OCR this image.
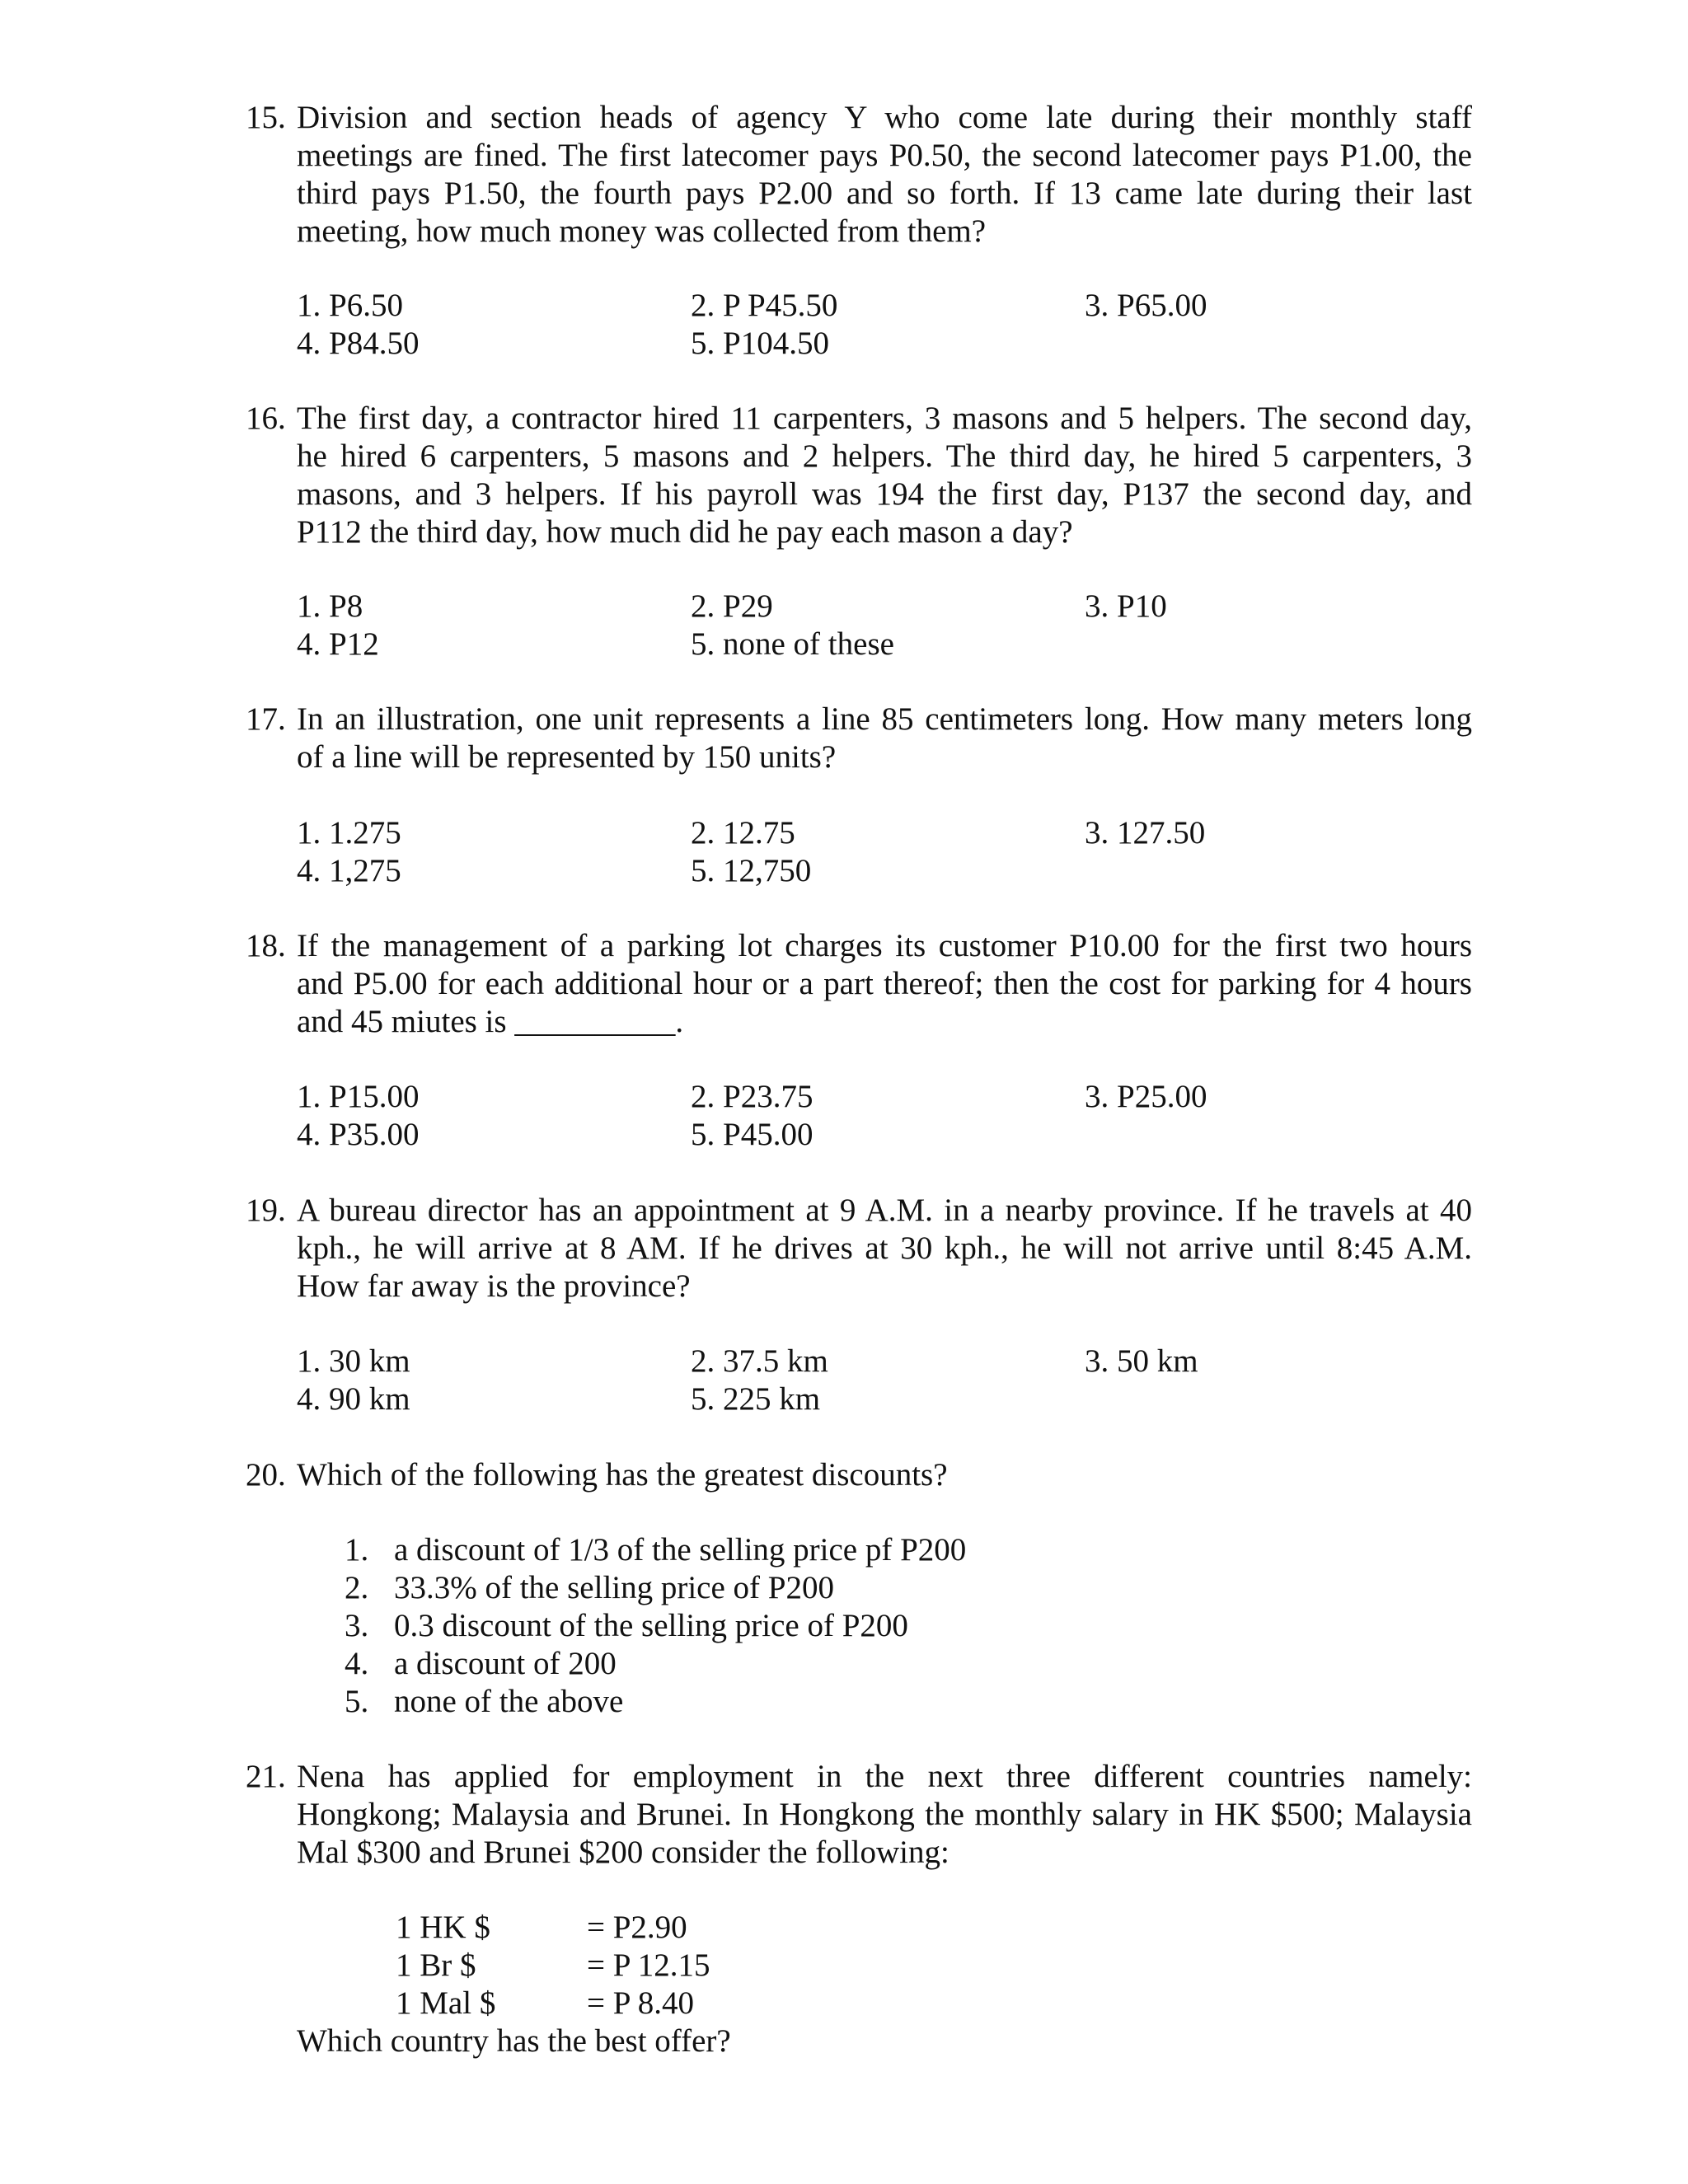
15. Division and section heads of agency Y who come late during their monthly staff
meetings are fined. The first latecomer pays P0.50, the second latecomer pays P1.00, the
third pays P1.50, the fourth pays P2.00 and so forth. If 13 came late during their last
meeting, how much money was collected from them?
1. P6.50	2. P P45.50	3. P65.00
4. P84.50	5. P104.50
16. The first day, a contractor hired 11 carpenters, 3 masons and 5 helpers. The second day,
he hired 6 carpenters, 5 masons and 2 helpers. The third day, he hired 5 carpenters, 3
masons, and 3 helpers. If his payroll was 194 the first day, P137 the second day, and
P112 the third day, how much did he pay each mason a day?
1. P8	2. P29	3. P10
4. P12	5. none of these
17. In an illustration, one unit represents a line 85 centimeters long. How many meters long
of a line will be represented by 150 units?
1. 1.275	2. 12.75	3. 127.50
4. 1,275	5. 12,750
18. If the management of a parking lot charges its customer P10.00 for the first two hours
and P5.00 for each additional hour or a part thereof; then the cost for parking for 4 hours
and 45 miutes is __________.
1. P15.00	2. P23.75	3. P25.00
4. P35.00	5. P45.00
19. A bureau director has an appointment at 9 A.M. in a nearby province. If he travels at 40
kph., he will arrive at 8 AM. If he drives at 30 kph., he will not arrive until 8:45 A.M.
How far away is the province?
1. 30 km	2. 37.5 km	3. 50 km
4. 90 km	5. 225 km
20. Which of the following has the greatest discounts?
1. a discount of 1/3 of the selling price pf P200
2. 33.3% of the selling price of P200
3. 0.3 discount of the selling price of P200
4. a discount of 200
5. none of the above
21. Nena has applied for employment in the next three different countries namely:
Hongkong; Malaysia and Brunei. In Hongkong the monthly salary in HK $500; Malaysia
Mal $300 and Brunei $200 consider the following:
1 HK $	= P2.90
1 Br $	= P 12.15
1 Mal $	= P 8.40
Which country has the best offer?
